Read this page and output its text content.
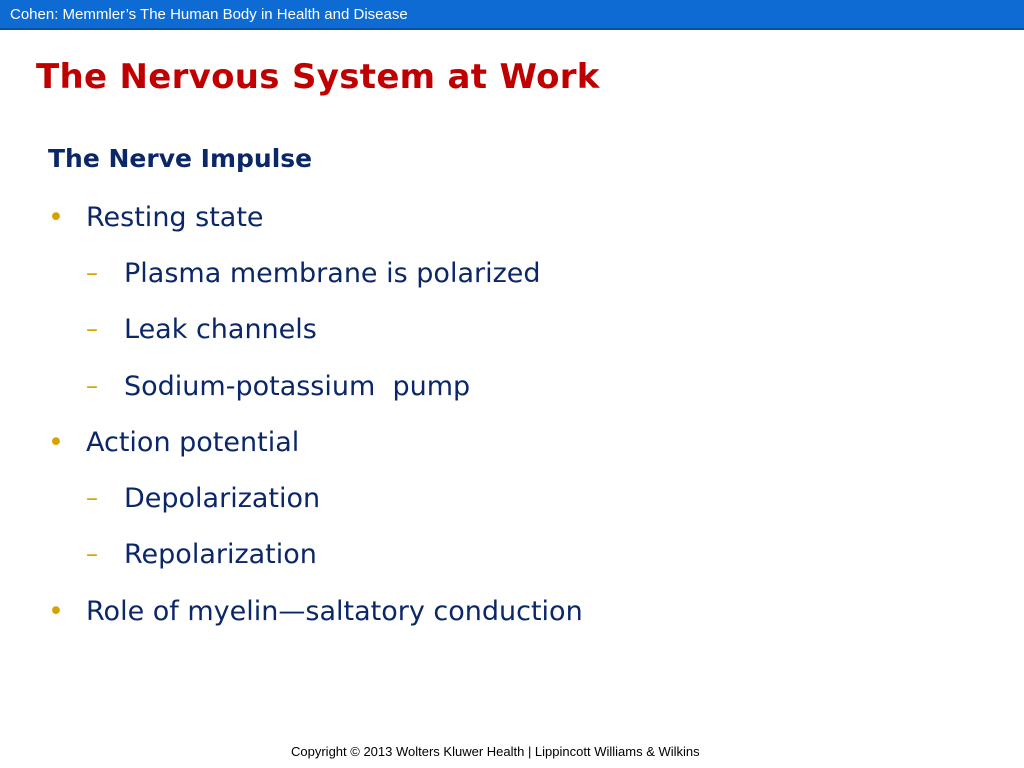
Cohen: Memmler’s The Human Body in Health and Disease
The Nervous System at Work
The Nerve Impulse
• Resting state
– Plasma membrane is polarized
– Leak channels
– Sodium-potassium  pump
• Action potential
– Depolarization
– Repolarization
• Role of myelin—saltatory conduction
Copyright © 2013 Wolters Kluwer Health | Lippincott Williams & Wilkins
